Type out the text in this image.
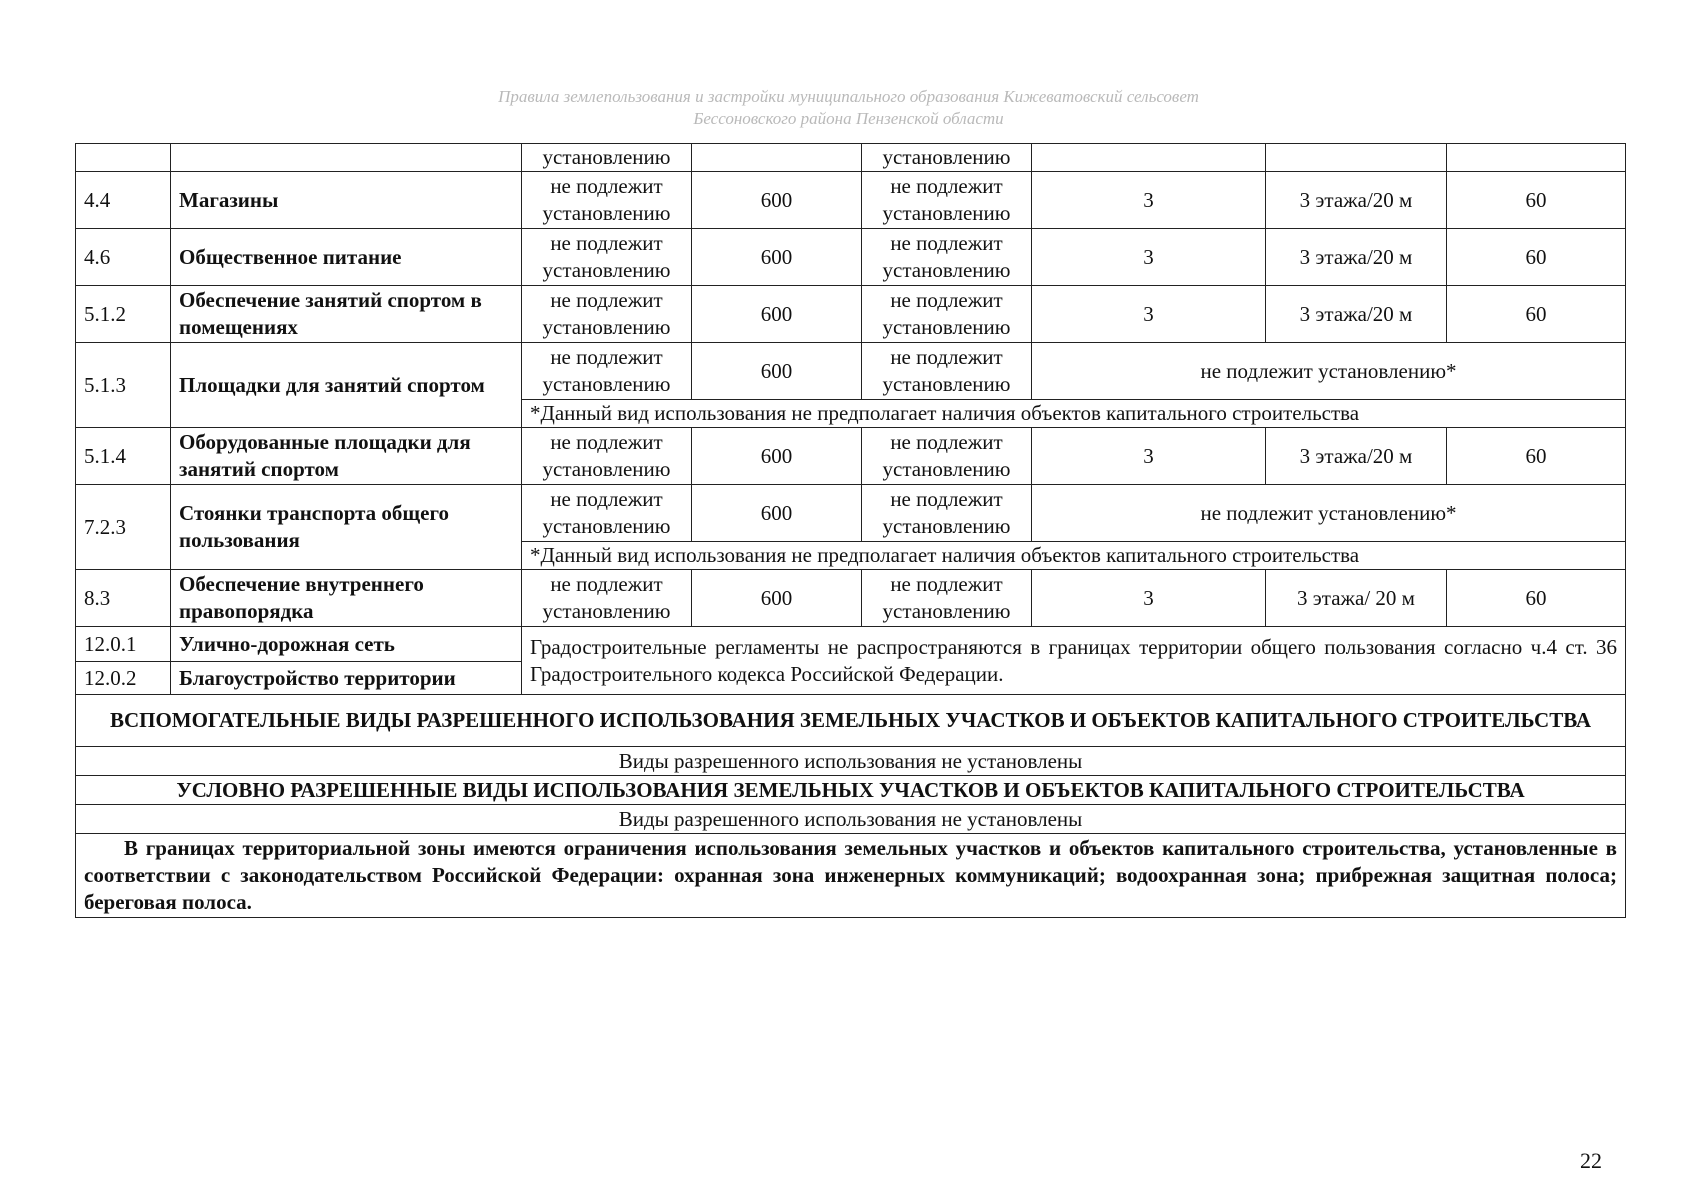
Правила землепользования и застройки муниципального образования Кижеватовский сельсовет
Бессоновского района Пензенской области
		установлению		установлению			
4.4	Магазины	не подлежит установлению	600	не подлежит установлению	3	3 этажа/20 м	60
4.6	Общественное питание	не подлежит установлению	600	не подлежит установлению	3	3 этажа/20 м	60
5.1.2	Обеспечение занятий спортом в помещениях	не подлежит установлению	600	не подлежит установлению	3	3 этажа/20 м	60
5.1.3	Площадки для занятий спортом	не подлежит установлению	600	не подлежит установлению	не подлежит установлению*		
		*Данный вид использования не предполагает наличия объектов капитального строительства					
5.1.4	Оборудованные площадки для занятий спортом	не подлежит установлению	600	не подлежит установлению	3	3 этажа/20 м	60
7.2.3	Стоянки транспорта общего пользования	не подлежит установлению	600	не подлежит установлению	не подлежит установлению*		
		*Данный вид использования не предполагает наличия объектов капитального строительства					
8.3	Обеспечение внутреннего правопорядка	не подлежит установлению	600	не подлежит установлению	3	3 этажа/ 20 м	60
12.0.1	Улично-дорожная сеть	Градостроительные регламенты не распространяются в границах территории общего пользования согласно ч.4 ст. 36 Градостроительного кодекса Российской Федерации.					
12.0.2	Благоустройство территории						
ВСПОМОГАТЕЛЬНЫЕ ВИДЫ РАЗРЕШЕННОГО ИСПОЛЬЗОВАНИЯ ЗЕМЕЛЬНЫХ УЧАСТКОВ И ОБЪЕКТОВ КАПИТАЛЬНОГО СТРОИТЕЛЬСТВА							
Виды разрешенного использования не установлены							
УСЛОВНО РАЗРЕШЕННЫЕ ВИДЫ ИСПОЛЬЗОВАНИЯ ЗЕМЕЛЬНЫХ УЧАСТКОВ И ОБЪЕКТОВ КАПИТАЛЬНОГО СТРОИТЕЛЬСТВА							
Виды разрешенного использования не установлены							
В границах территориальной зоны имеются ограничения использования земельных участков и объектов капитального строительства, установленные в соответствии с законодательством Российской Федерации: охранная зона инженерных коммуникаций; водоохранная зона; прибрежная защитная полоса; береговая полоса.							
22
